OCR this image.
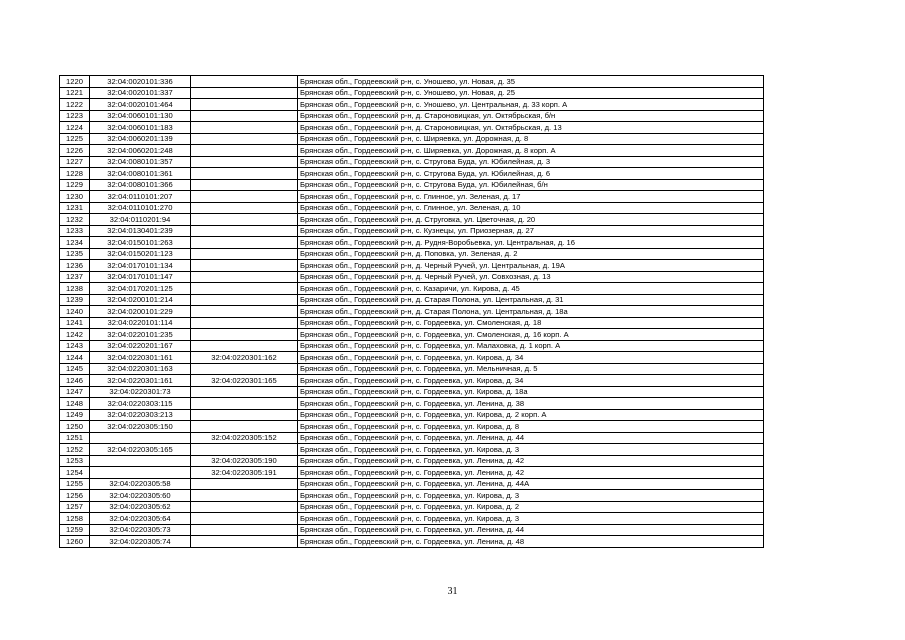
1220	32:04:0020101:336		Брянская обл., Гордеевский р-н, с. Уношево, ул. Новая, д. 35
1221	32:04:0020101:337		Брянская обл., Гордеевский р-н, с. Уношево, ул. Новая, д. 25
1222	32:04:0020101:464		Брянская обл., Гордеевский р-н, с. Уношево, ул. Центральная, д. 33 корп. А
1223	32:04:0060101:130		Брянская обл., Гордеевский р-н, д. Староновицкая, ул. Октябрьская, б/н
1224	32:04:0060101:183		Брянская обл., Гордеевский р-н, д. Староновицкая, ул. Октябрьская, д. 13
1225	32:04:0060201:139		Брянская обл., Гордеевский р-н, с. Ширяевка, ул. Дорожная, д. 8
1226	32:04:0060201:248		Брянская обл., Гордеевский р-н, с. Ширяевка, ул. Дорожная, д. 8 корп. А
1227	32:04:0080101:357		Брянская обл., Гордеевский р-н, с. Стругова Буда, ул. Юбилейная, д. 3
1228	32:04:0080101:361		Брянская обл., Гордеевский р-н, с. Стругова Буда, ул. Юбилейная, д. 6
1229	32:04:0080101:366		Брянская обл., Гордеевский р-н, с. Стругова Буда, ул. Юбилейная, б/н
1230	32:04:0110101:207		Брянская обл., Гордеевский р-н, с. Глинное, ул. Зеленая, д. 17
1231	32:04:0110101:270		Брянская обл., Гордеевский р-н, с. Глинное, ул. Зеленая, д. 10
1232	32:04:0110201:94		Брянская обл., Гордеевский р-н, д. Струговка, ул. Цветочная, д. 20
1233	32:04:0130401:239		Брянская обл., Гордеевский р-н, с. Кузнецы, ул. Приозерная, д. 27
1234	32:04:0150101:263		Брянская обл., Гордеевский р-н, д. Рудня-Воробьевка, ул. Центральная, д. 16
1235	32:04:0150201:123		Брянская обл., Гордеевский р-н, д. Поповка, ул. Зеленая, д. 2
1236	32:04:0170101:134		Брянская обл., Гордеевский р-н, д. Черный Ручей, ул. Центральная, д. 19А
1237	32:04:0170101:147		Брянская обл., Гордеевский р-н, д. Черный Ручей, ул. Совхозная, д. 13
1238	32:04:0170201:125		Брянская обл., Гордеевский р-н, с. Казаричи, ул. Кирова, д. 45
1239	32:04:0200101:214		Брянская обл., Гордеевский р-н, д. Старая Полона, ул. Центральная, д. 31
1240	32:04:0200101:229		Брянская обл., Гордеевский р-н, д. Старая Полона, ул. Центральная, д. 18а
1241	32:04:0220101:114		Брянская обл., Гордеевский р-н, с. Гордеевка, ул. Смоленская, д. 18
1242	32:04:0220101:235		Брянская обл., Гордеевский р-н, с. Гордеевка, ул. Смоленская, д. 16 корп. А
1243	32:04:0220201:167		Брянская обл., Гордеевский р-н, с. Гордеевка, ул. Малаховка, д. 1 корп. А
1244	32:04:0220301:161	32:04:0220301:162	Брянская обл., Гордеевский р-н, с. Гордеевка, ул. Кирова, д. 34
1245	32:04:0220301:163		Брянская обл., Гордеевский р-н, с. Гордеевка, ул. Мельничная, д. 5
1246	32:04:0220301:161	32:04:0220301:165	Брянская обл., Гордеевский р-н, с. Гордеевка, ул. Кирова, д. 34
1247	32:04:0220301:73		Брянская обл., Гордеевский р-н, с. Гордеевка, ул. Кирова, д. 18а
1248	32:04:0220303:115		Брянская обл., Гордеевский р-н, с. Гордеевка, ул. Ленина, д. 38
1249	32:04:0220303:213		Брянская обл., Гордеевский р-н, с. Гордеевка, ул. Кирова, д. 2 корп. А
1250	32:04:0220305:150		Брянская обл., Гордеевский р-н, с. Гордеевка, ул. Кирова, д. 8
1251		32:04:0220305:152	Брянская обл., Гордеевский р-н, с. Гордеевка, ул. Ленина, д. 44
1252	32:04:0220305:165		Брянская обл., Гордеевский р-н, с. Гордеевка, ул. Кирова, д. 3
1253		32:04:0220305:190	Брянская обл., Гордеевский р-н, с. Гордеевка, ул. Ленина, д. 42
1254		32:04:0220305:191	Брянская обл., Гордеевский р-н, с. Гордеевка, ул. Ленина, д. 42
1255	32:04:0220305:58		Брянская обл., Гордеевский р-н, с. Гордеевка, ул. Ленина, д. 44А
1256	32:04:0220305:60		Брянская обл., Гордеевский р-н, с. Гордеевка, ул. Кирова, д. 3
1257	32:04:0220305:62		Брянская обл., Гордеевский р-н, с. Гордеевка, ул. Кирова, д. 2
1258	32:04:0220305:64		Брянская обл., Гордеевский р-н, с. Гордеевка, ул. Кирова, д. 3
1259	32:04:0220305:73		Брянская обл., Гордеевский р-н, с. Гордеевка, ул. Ленина, д. 44
1260	32:04:0220305:74		Брянская обл., Гордеевский р-н, с. Гордеевка, ул. Ленина, д. 48
31
